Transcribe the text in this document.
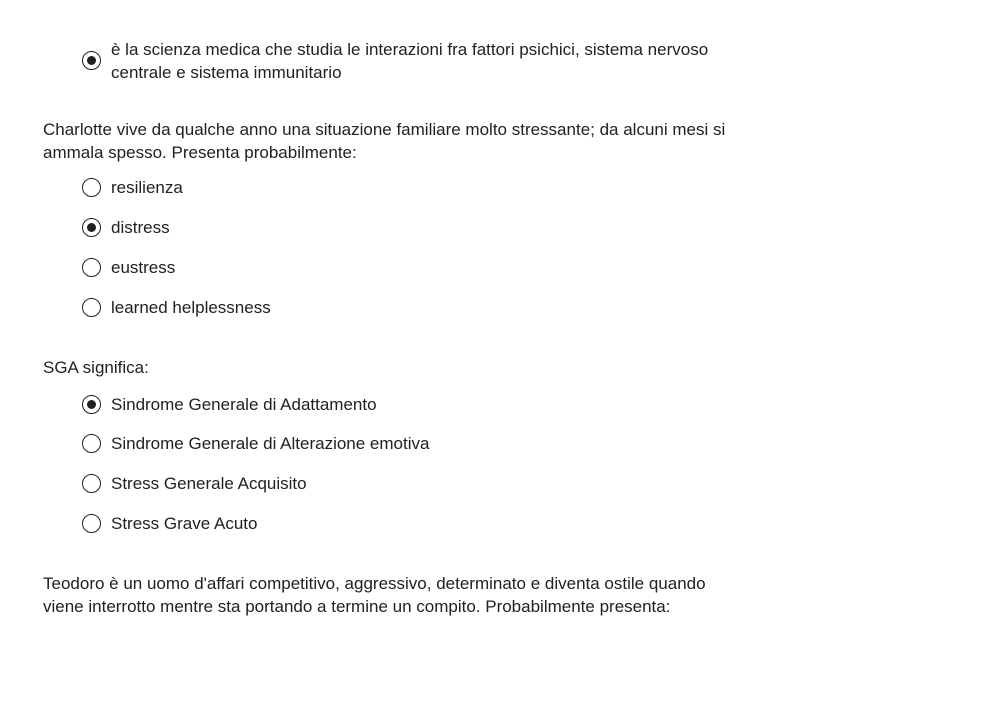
è la scienza medica che studia le interazioni fra fattori psichici, sistema nervoso centrale e sistema immunitario

Charlotte vive da qualche anno una situazione familiare molto stressante; da alcuni mesi si ammala spesso. Presenta probabilmente:

resilienza
distress
eustress
learned helplessness

SGA significa:

Sindrome Generale di Adattamento
Sindrome Generale di Alterazione emotiva
Stress Generale Acquisito
Stress Grave Acuto

Teodoro è un uomo d'affari competitivo, aggressivo, determinato e diventa ostile quando viene interrotto mentre sta portando a termine un compito. Probabilmente presenta:
